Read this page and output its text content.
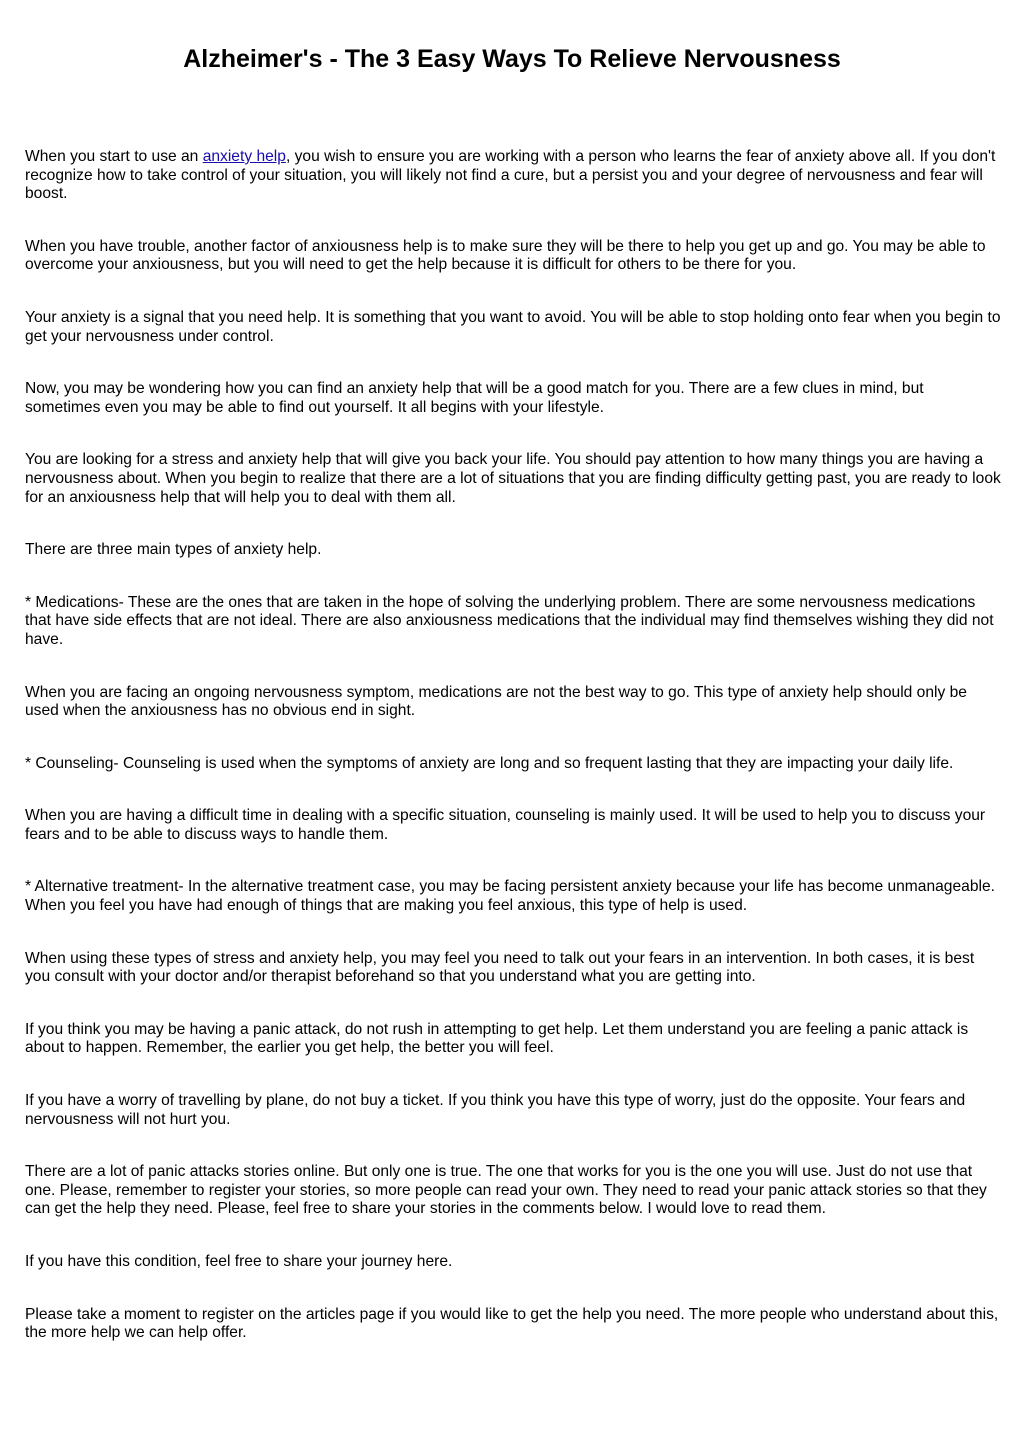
Alzheimer's - The 3 Easy Ways To Relieve Nervousness

When you start to use an anxiety help, you wish to ensure you are working with a person who learns the fear of anxiety above all. If you don't recognize how to take control of your situation, you will likely not find a cure, but a persist you and your degree of nervousness and fear will boost.

When you have trouble, another factor of anxiousness help is to make sure they will be there to help you get up and go. You may be able to overcome your anxiousness, but you will need to get the help because it is difficult for others to be there for you.

Your anxiety is a signal that you need help. It is something that you want to avoid. You will be able to stop holding onto fear when you begin to get your nervousness under control.

Now, you may be wondering how you can find an anxiety help that will be a good match for you. There are a few clues in mind, but sometimes even you may be able to find out yourself. It all begins with your lifestyle.

You are looking for a stress and anxiety help that will give you back your life. You should pay attention to how many things you are having a nervousness about. When you begin to realize that there are a lot of situations that you are finding difficulty getting past, you are ready to look for an anxiousness help that will help you to deal with them all.

There are three main types of anxiety help.

* Medications- These are the ones that are taken in the hope of solving the underlying problem. There are some nervousness medications that have side effects that are not ideal. There are also anxiousness medications that the individual may find themselves wishing they did not have.

When you are facing an ongoing nervousness symptom, medications are not the best way to go. This type of anxiety help should only be used when the anxiousness has no obvious end in sight.

* Counseling- Counseling is used when the symptoms of anxiety are long and so frequent lasting that they are impacting your daily life.

When you are having a difficult time in dealing with a specific situation, counseling is mainly used. It will be used to help you to discuss your fears and to be able to discuss ways to handle them.

* Alternative treatment- In the alternative treatment case, you may be facing persistent anxiety because your life has become unmanageable. When you feel you have had enough of things that are making you feel anxious, this type of help is used.

When using these types of stress and anxiety help, you may feel you need to talk out your fears in an intervention. In both cases, it is best you consult with your doctor and/or therapist beforehand so that you understand what you are getting into.

If you think you may be having a panic attack, do not rush in attempting to get help. Let them understand you are feeling a panic attack is about to happen. Remember, the earlier you get help, the better you will feel.

If you have a worry of travelling by plane, do not buy a ticket. If you think you have this type of worry, just do the opposite. Your fears and nervousness will not hurt you.

There are a lot of panic attacks stories online. But only one is true. The one that works for you is the one you will use. Just do not use that one. Please, remember to register your stories, so more people can read your own. They need to read your panic attack stories so that they can get the help they need. Please, feel free to share your stories in the comments below. I would love to read them.

If you have this condition, feel free to share your journey here.

Please take a moment to register on the articles page if you would like to get the help you need. The more people who understand about this, the more help we can help offer.
